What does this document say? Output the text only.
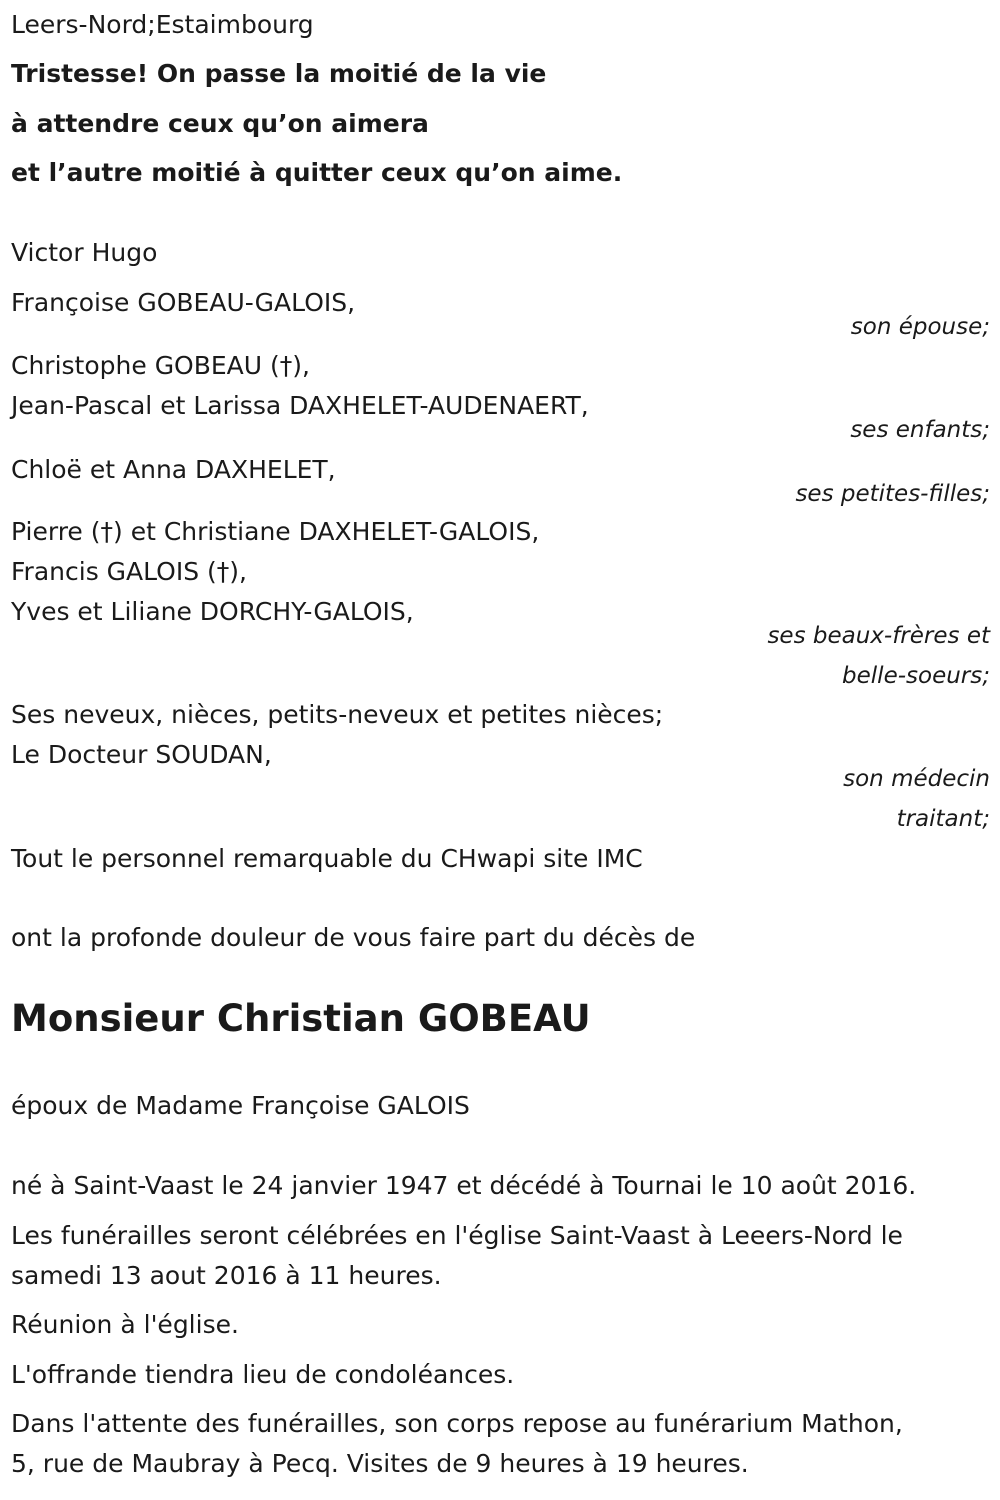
Leers-Nord;Estaimbourg
Tristesse! On passe la moitié de la vie
à attendre ceux qu’on aimera
et l’autre moitié à quitter ceux qu’on aime.
Victor Hugo
Françoise GOBEAU-GALOIS,
son épouse;
Christophe GOBEAU (†),
Jean-Pascal et Larissa DAXHELET-AUDENAERT,
ses enfants;
Chloë et Anna DAXHELET,
ses petites-filles;
Pierre (†) et Christiane DAXHELET-GALOIS,
Francis GALOIS (†),
Yves et Liliane DORCHY-GALOIS,
ses beaux-frères et
belle-soeurs;
Ses neveux, nièces, petits-neveux et petites nièces;
Le Docteur SOUDAN,
son médecin
traitant;
Tout le personnel remarquable du CHwapi site IMC
ont la profonde douleur de vous faire part du décès de
Monsieur Christian GOBEAU
époux de Madame Françoise GALOIS
né à Saint-Vaast le 24 janvier 1947 et décédé à Tournai le 10 août 2016.
Les funérailles seront célébrées en l'église Saint-Vaast à Leeers-Nord le
samedi 13 aout 2016 à 11 heures.
Réunion à l'église.
L'offrande tiendra lieu de condoléances.
Dans l'attente des funérailles, son corps repose au funérarium Mathon,
5, rue de Maubray à Pecq. Visites de 9 heures à 19 heures.
